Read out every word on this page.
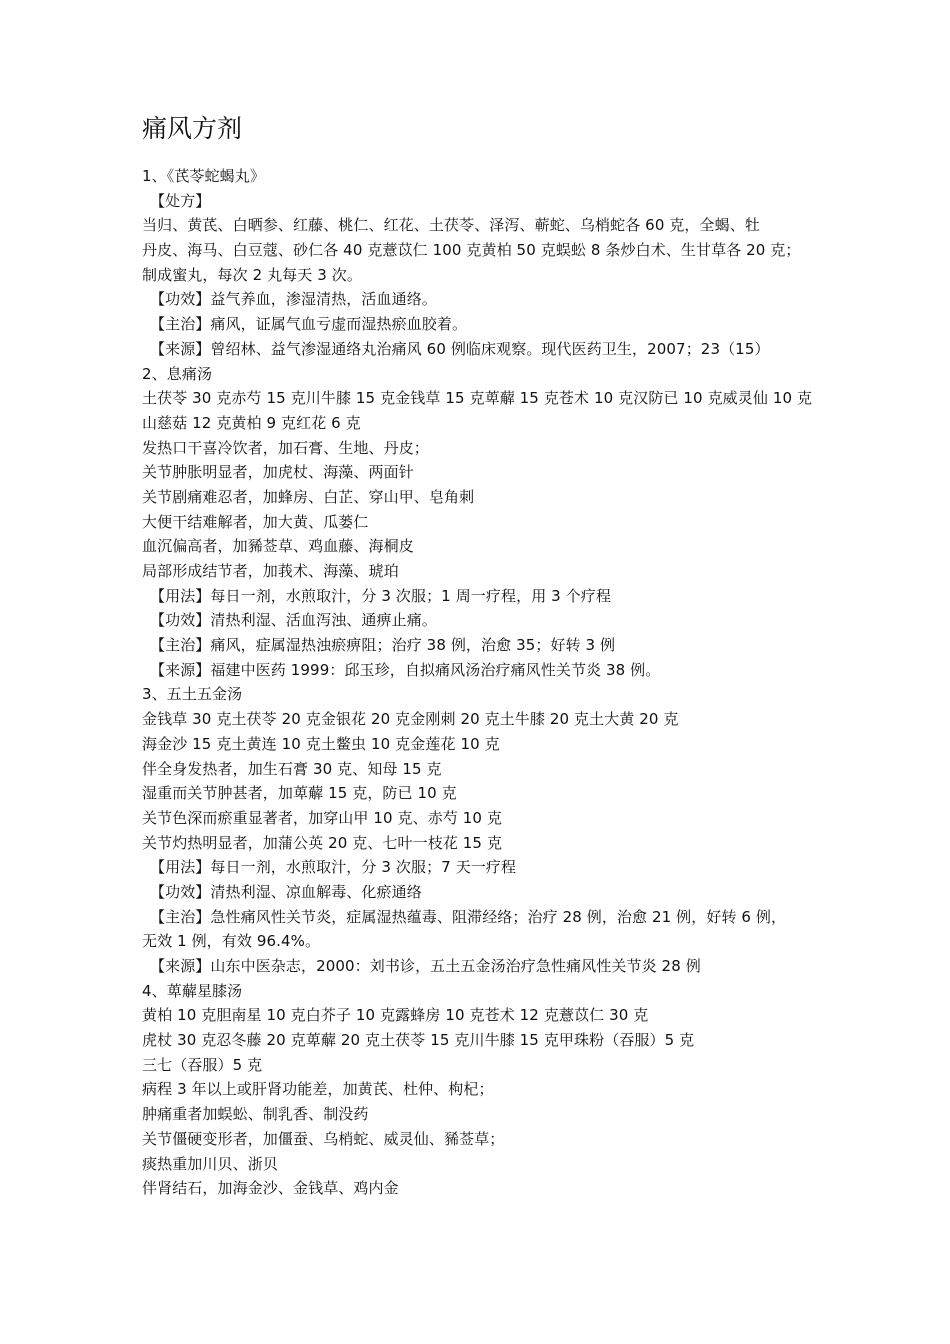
痛风方剂
1、《芪苓蛇蝎丸》
【处方】
当归、黄芪、白晒参、红藤、桃仁、红花、土茯苓、泽泻、蕲蛇、乌梢蛇各 60 克，全蝎、牡
丹皮、海马、白豆蔻、砂仁各 40 克薏苡仁 100 克黄柏 50 克蜈蚣 8 条炒白术、生甘草各 20 克；
制成蜜丸，每次 2 丸每天 3 次。
【功效】益气养血，渗湿清热，活血通络。
【主治】痛风，证属气血亏虚而湿热瘀血胶着。
【来源】曾绍林、益气渗湿通络丸治痛风 60 例临床观察。现代医药卫生，2007；23（15）
2、息痛汤
土茯苓 30 克赤芍 15 克川牛膝 15 克金钱草 15 克萆薢 15 克苍术 10 克汉防已 10 克威灵仙 10 克
山慈菇 12 克黄柏 9 克红花 6 克
发热口干喜冷饮者，加石膏、生地、丹皮；
关节肿胀明显者，加虎杖、海藻、两面针
关节剧痛难忍者，加蜂房、白芷、穿山甲、皂角刺
大便干结难解者，加大黄、瓜蒌仁
血沉偏高者，加豨莶草、鸡血藤、海桐皮
局部形成结节者，加莪术、海藻、琥珀
【用法】每日一剂，水煎取汁，分 3 次服；1 周一疗程，用 3 个疗程
【功效】清热利湿、活血泻浊、通痹止痛。
【主治】痛风，症属湿热浊瘀痹阻；治疗 38 例，治愈 35；好转 3 例
【来源】福建中医药 1999：邱玉珍，自拟痛风汤治疗痛风性关节炎 38 例。
3、五土五金汤
金钱草 30 克土茯苓 20 克金银花 20 克金刚刺 20 克土牛膝 20 克土大黄 20 克
海金沙 15 克土黄连 10 克土鳖虫 10 克金莲花 10 克
伴全身发热者，加生石膏 30 克、知母 15 克
湿重而关节肿甚者，加萆薢 15 克，防已 10 克
关节色深而瘀重显著者，加穿山甲 10 克、赤芍 10 克
关节灼热明显者，加蒲公英 20 克、七叶一枝花 15 克
【用法】每日一剂，水煎取汁，分 3 次服；7 天一疗程
【功效】清热利湿、凉血解毒、化瘀通络
【主治】急性痛风性关节炎，症属湿热蕴毒、阻滞经络；治疗 28 例，治愈 21 例，好转 6 例，
无效 1 例，有效 96.4%。
【来源】山东中医杂志，2000：刘书诊，五土五金汤治疗急性痛风性关节炎 28 例
4、萆薢星膝汤
黄柏 10 克胆南星 10 克白芥子 10 克露蜂房 10 克苍术 12 克薏苡仁 30 克
虎杖 30 克忍冬藤 20 克萆薢 20 克土茯苓 15 克川牛膝 15 克甲珠粉（吞服）5 克
三七（吞服）5 克
病程 3 年以上或肝肾功能差，加黄芪、杜仲、枸杞；
肿痛重者加蜈蚣、制乳香、制没药
关节僵硬变形者，加僵蚕、乌梢蛇、威灵仙、豨莶草；
痰热重加川贝、浙贝
伴肾结石，加海金沙、金钱草、鸡内金
